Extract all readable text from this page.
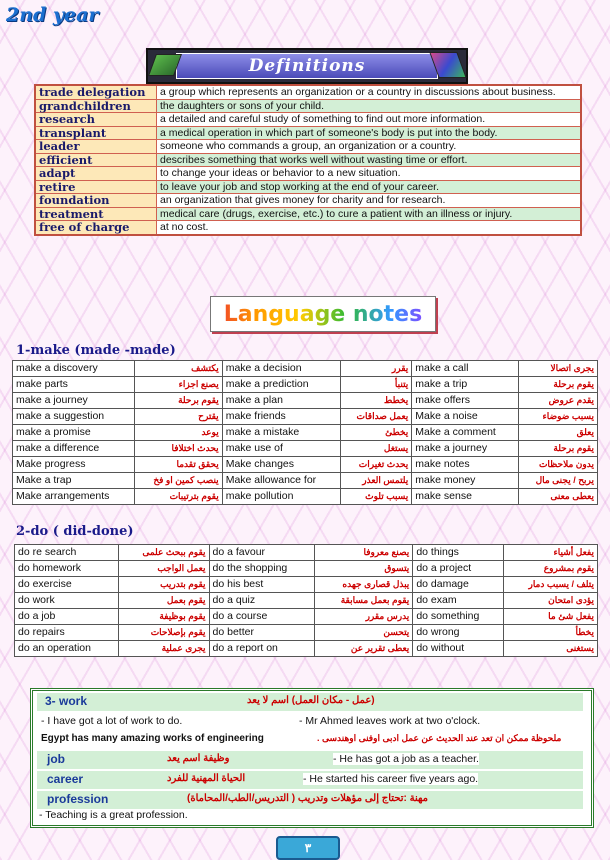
2nd year
Definitions
trade delegation	a group which represents an organization or a country in discussions about business.
grandchildren	the daughters or sons of your child.
research	a detailed and careful study of something to find out more information.
transplant	a medical operation in which part of someone's body is put into the body.
leader	someone who commands a group, an organization or a country.
efficient	describes something that works well without wasting time or effort.
adapt	to change your ideas or behavior to a new situation.
retire	to leave your job and stop working at the end of your career.
foundation	an organization that gives money for charity and for research.
treatment	medical care (drugs, exercise, etc.) to cure a patient with an illness or injury.
free of charge	at no cost.
Language notes
1-make (made -made)
make a discovery	يكتشف	make a decision	يقرر	make a call	يجرى اتصالا
make parts	يصنع اجزاء	make a prediction	يتنبأ	make a trip	يقوم برحلة
make a journey	يقوم برحلة	make a plan	يخطط	make offers	يقدم عروض
make a suggestion	يقترح	make friends	يعمل صداقات	Make a noise	يسبب ضوضاء
make a promise	يوعد	make a mistake	يخطئ	Make a comment	يعلق
make a difference	يحدث اختلافا	make use of	يستغل	make a journey	يقوم برحلة
Make progress	يحقق تقدما	Make changes	يحدث تغيرات	make notes	يدون ملاحظات
Make a trap	ينصب كمين او فخ	Make allowance for	يلتمس العذر	make money	يربح / يجنى مال
Make arrangements	يقوم بترتيبات	make pollution	يسبب تلوث	make sense	يعطى معنى
2-do ( did-done)
do re search	يقوم ببحث علمى	do a favour	يصنع معروفا	do things	يفعل أشياء
do homework	يعمل الواجب	do the shopping	يتسوق	do a project	يقوم بمشروع
do exercise	يقوم بتدريب	do his best	يبذل قصارى جهده	do damage	يتلف / يسبب دمار
do work	يقوم بعمل	do a quiz	يقوم بعمل مسابقة	do exam	يؤدى امتحان
do a job	يقوم بوظيفة	do a course	يدرس مقرر	do something	يفعل شئ ما
do repairs	يقوم بإصلاحات	do better	يتحسن	do wrong	يخطأ
do an operation	يجرى عملية	do a report on	يعطى تقرير عن	do without	يستغنى
3- work	(عمل - مكان العمل) اسم لا يعد
- I have got a lot of work to do.	- Mr Ahmed leaves work at two o'clock.
Egypt has many amazing works of engineering	ملحوظة ممكن ان تعد عند الحديث عن عمل ادبى اوفنى اوهندسى .
job	وظيفة اسم يعد	- He has got a job as a teacher.
career	الحياة المهنية للفرد	- He started his career five years ago.
profession	مهنة :تحتاج إلى مؤهلات وتدريب ( التدريس/الطب/المحاماة)
- Teaching is a great profession.
٣
